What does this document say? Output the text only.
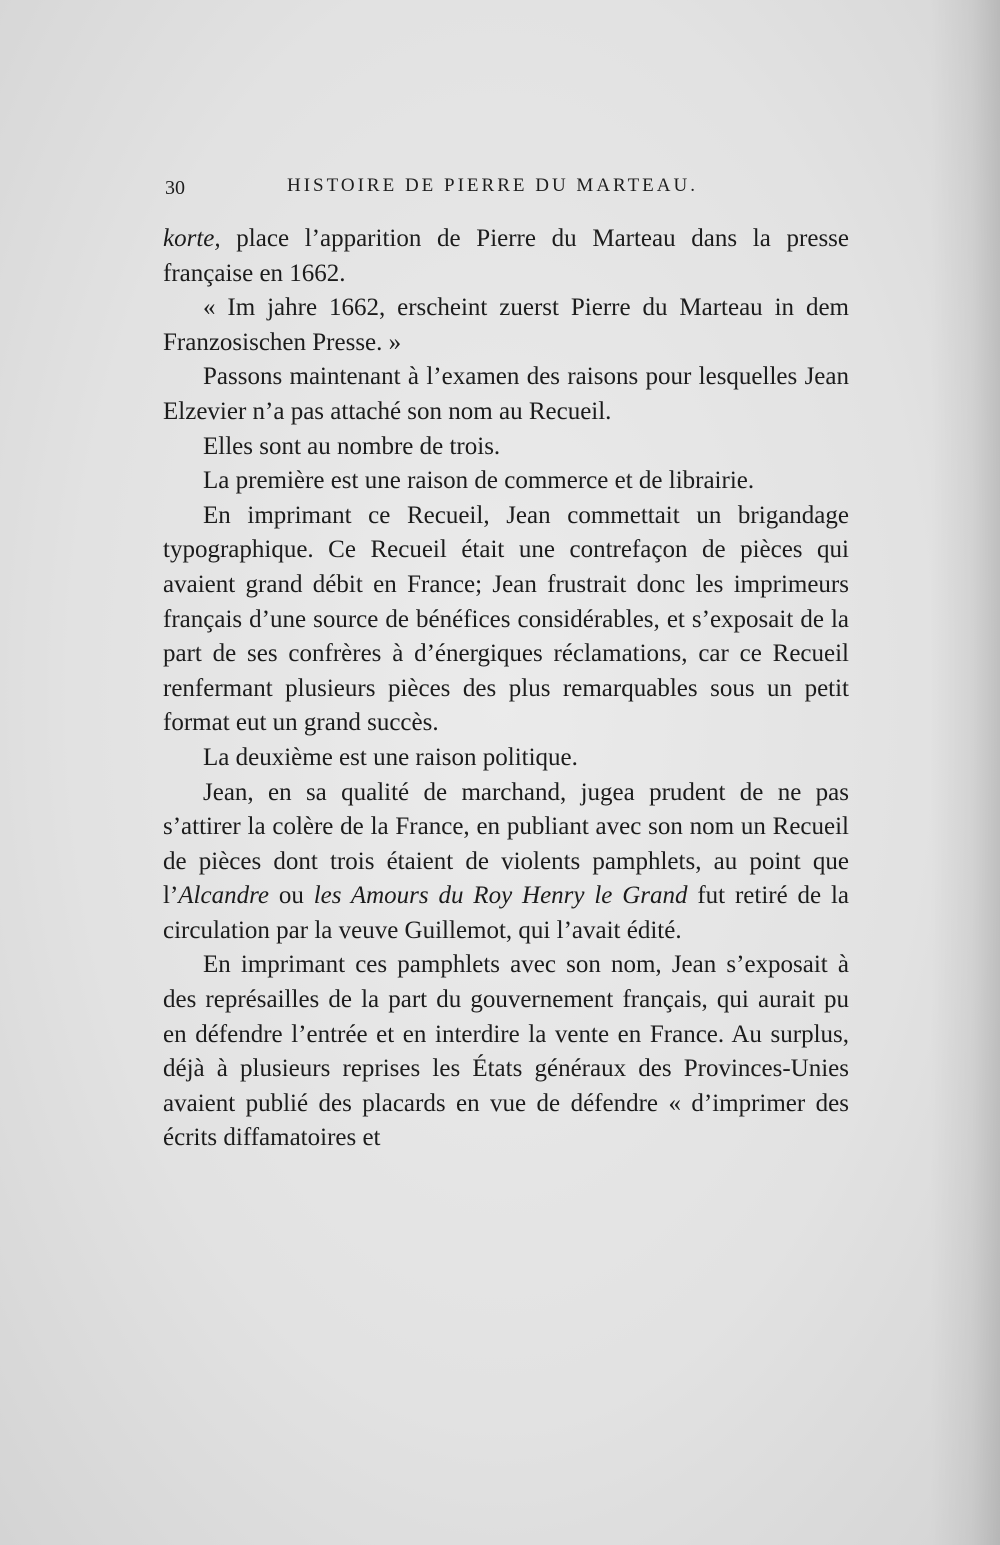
30	HISTOIRE DE PIERRE DU MARTEAU.

korte, place l’apparition de Pierre du Marteau dans la presse française en 1662.

« Im jahre 1662, erscheint zuerst Pierre du Marteau in dem Franzosischen Presse. »

Passons maintenant à l’examen des raisons pour lesquelles Jean Elzevier n’a pas attaché son nom au Recueil.

Elles sont au nombre de trois.

La première est une raison de commerce et de librairie.

En imprimant ce Recueil, Jean commettait un brigandage typographique. Ce Recueil était une contrefaçon de pièces qui avaient grand débit en France; Jean frustrait donc les imprimeurs français d’une source de bénéfices considérables, et s’exposait de la part de ses confrères à d’énergiques réclamations, car ce Recueil renfermant plusieurs pièces des plus remarquables sous un petit format eut un grand succès.

La deuxième est une raison politique.

Jean, en sa qualité de marchand, jugea prudent de ne pas s’attirer la colère de la France, en publiant avec son nom un Recueil de pièces dont trois étaient de violents pamphlets, au point que l’Alcandre ou les Amours du Roy Henry le Grand fut retiré de la circulation par la veuve Guillemot, qui l’avait édité.

En imprimant ces pamphlets avec son nom, Jean s’exposait à des représailles de la part du gouvernement français, qui aurait pu en défendre l’entrée et en interdire la vente en France. Au surplus, déjà à plusieurs reprises les États généraux des Provinces-Unies avaient publié des placards en vue de défendre « d’imprimer des écrits diffamatoires et
